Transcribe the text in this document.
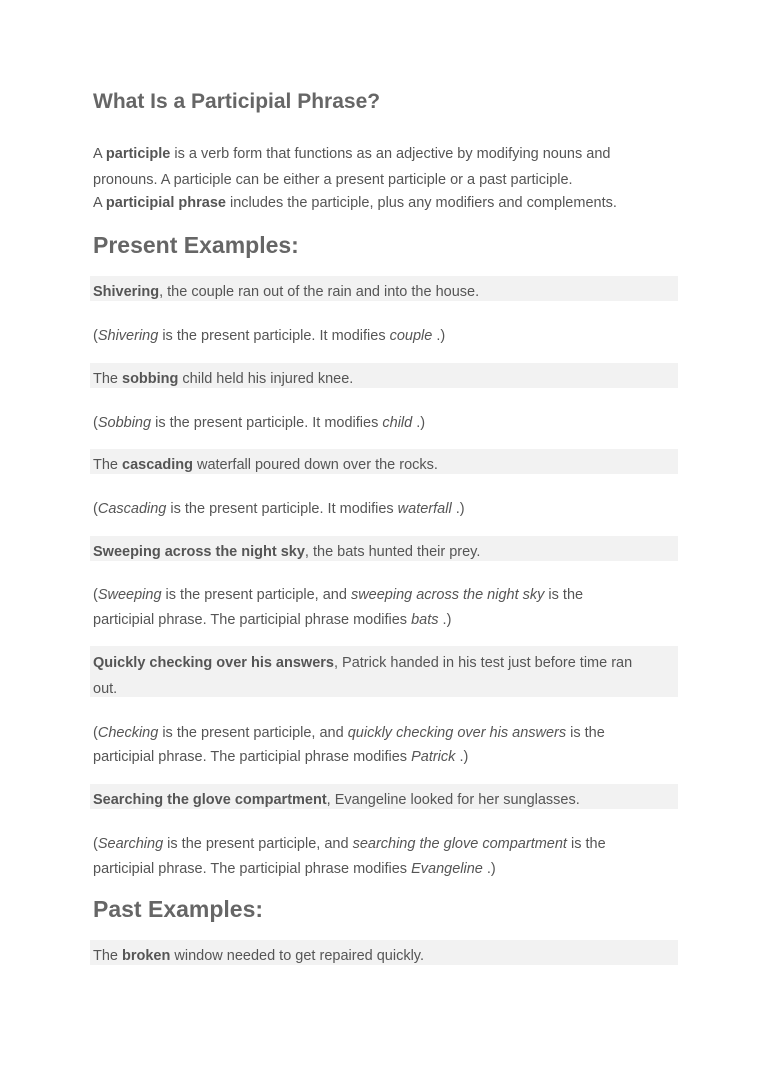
What Is a Participial Phrase?

A participle is a verb form that functions as an adjective by modifying nouns and

pronouns. A participle can be either a present participle or a past participle.

A participial phrase includes the participle, plus any modifiers and complements.

Present Examples:

Shivering, the couple ran out of the rain and into the house.

(Shivering is the present participle. It modifies couple .)

The sobbing child held his injured knee.

(Sobbing is the present participle. It modifies child .)

The cascading waterfall poured down over the rocks.

(Cascading is the present participle. It modifies waterfall .)

Sweeping across the night sky, the bats hunted their prey.

(Sweeping is the present participle, and sweeping across the night sky is the

participial phrase. The participial phrase modifies bats .)

Quickly checking over his answers, Patrick handed in his test just before time ran

out.

(Checking is the present participle, and quickly checking over his answers is the

participial phrase. The participial phrase modifies Patrick .)

Searching the glove compartment, Evangeline looked for her sunglasses.

(Searching is the present participle, and searching the glove compartment is the

participial phrase. The participial phrase modifies Evangeline .)

Past Examples:

The broken window needed to get repaired quickly.
